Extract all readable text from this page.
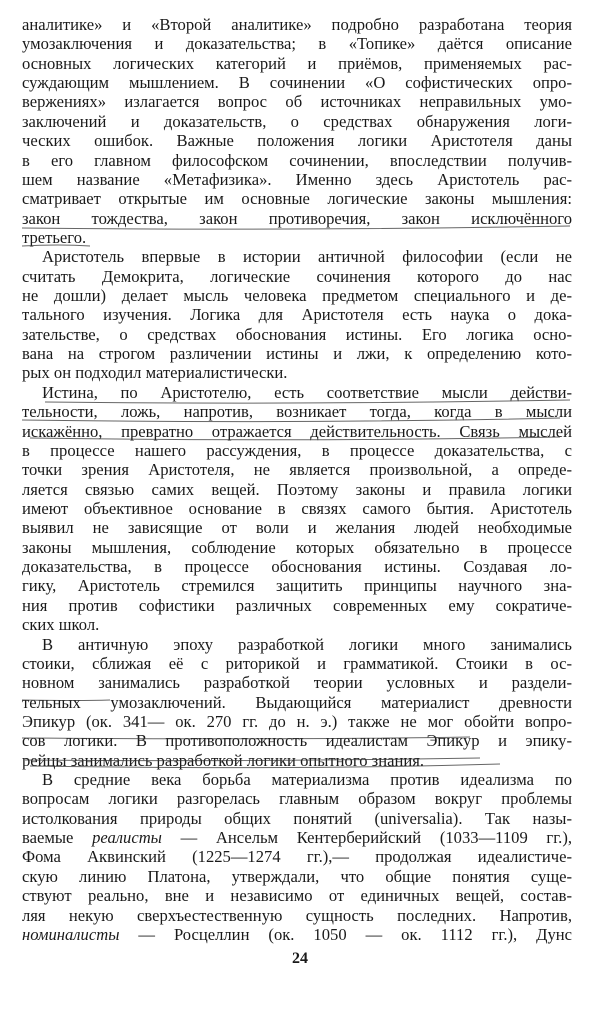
аналитике» и «Второй аналитике» подробно разработана теория
умозаключения и доказательства; в «Топике» даётся описание
основных логических категорий и приёмов, применяемых рас-
суждающим мышлением. В сочинении «О софистических опро-
вержениях» излагается вопрос об источниках неправильных умо-
заключений и доказательств, о средствах обнаружения логи-
ческих ошибок. Важные положения логики Аристотеля даны
в его главном философском сочинении, впоследствии получив-
шем название «Метафизика». Именно здесь Аристотель рас-
сматривает открытые им основные логические законы мышления:
закон тождества, закон противоречия, закон исключённого
третьего.
Аристотель впервые в истории античной философии (если не
считать Демокрита, логические сочинения которого до нас
не дошли) делает мысль человека предметом специального и де-
тального изучения. Логика для Аристотеля есть наука о дока-
зательстве, о средствах обоснования истины. Его логика осно-
вана на строгом различении истины и лжи, к определению кото-
рых он подходил материалистически.
Истина, по Аристотелю, есть соответствие мысли действи-
тельности, ложь, напротив, возникает тогда, когда в мысли
искажённо, превратно отражается действительность. Связь мыслей
в процессе нашего рассуждения, в процессе доказательства, с
точки зрения Аристотеля, не является произвольной, а опреде-
ляется связью самих вещей. Поэтому законы и правила логики
имеют объективное основание в связях самого бытия. Аристотель
выявил не зависящие от воли и желания людей необходимые
законы мышления, соблюдение которых обязательно в процессе
доказательства, в процессе обоснования истины. Создавая ло-
гику, Аристотель стремился защитить принципы научного зна-
ния против софистики различных современных ему сократиче-
ских школ.
В античную эпоху разработкой логики много занимались
стоики, сближая её с риторикой и грамматикой. Стоики в ос-
новном занимались разработкой теории условных и раздели-
тельных умозаключений. Выдающийся материалист древности
Эпикур (ок. 341— ок. 270 гг. до н. э.) также не мог обойти вопро-
сов логики. В противоположность идеалистам Эпикур и эпику-
рейцы занимались разработкой логики опытного знания.
В средние века борьба материализма против идеализма по
вопросам логики разгорелась главным образом вокруг проблемы
истолкования природы общих понятий (universalia). Так назы-
ваемые реалисты — Ансельм Кентерберийский (1033—1109 гг.),
Фома Аквинский (1225—1274 гг.),— продолжая идеалистиче-
скую линию Платона, утверждали, что общие понятия суще-
ствуют реально, вне и независимо от единичных вещей, состав-
ляя некую сверхъестественную сущность последних. Напротив,
номиналисты — Росцеллин (ок. 1050 — ок. 1112 гг.), Дунс
24
